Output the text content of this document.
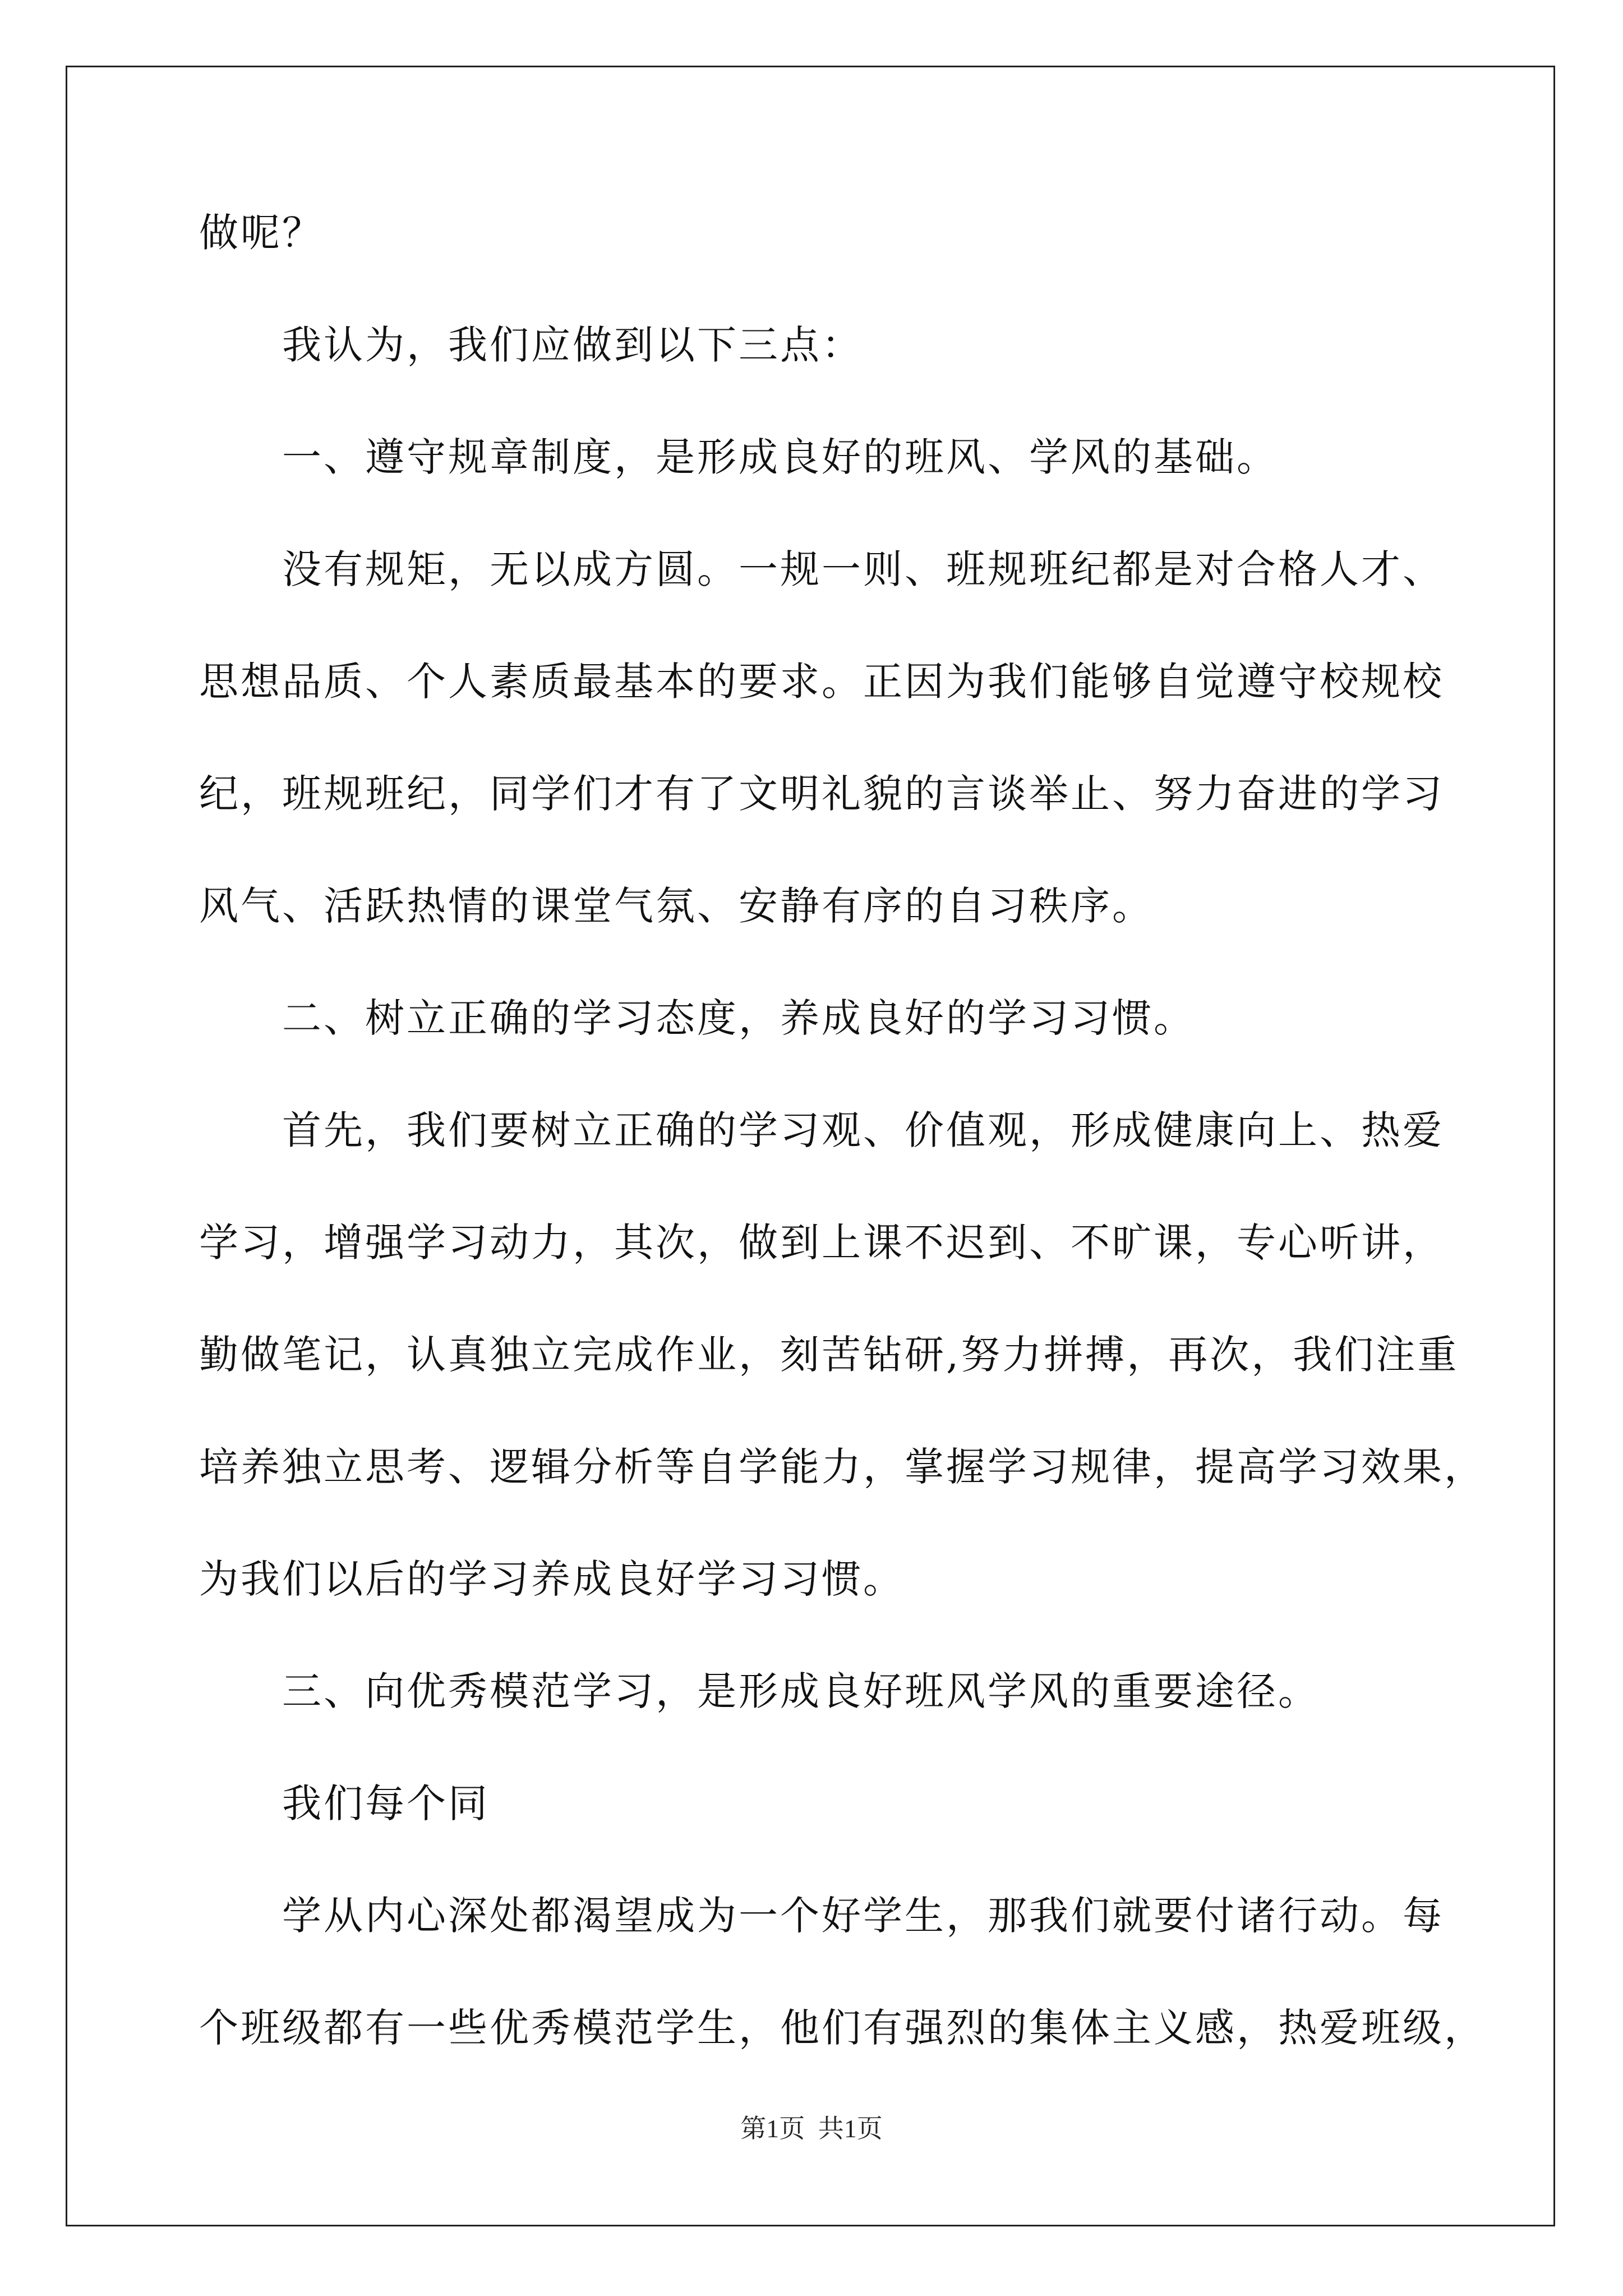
做呢？
我认为，我们应做到以下三点：
一、遵守规章制度，是形成良好的班风、学风的基础。
没有规矩，无以成方圆。一规一则、班规班纪都是对合格人才、
思想品质、个人素质最基本的要求。正因为我们能够自觉遵守校规校
纪，班规班纪，同学们才有了文明礼貌的言谈举止、努力奋进的学习
风气、活跃热情的课堂气氛、安静有序的自习秩序。
二、树立正确的学习态度，养成良好的学习习惯。
首先，我们要树立正确的学习观、价值观，形成健康向上、热爱
学习，增强学习动力，其次，做到上课不迟到、不旷课，专心听讲，
勤做笔记，认真独立完成作业，刻苦钻研,努力拼搏，再次，我们注重
培养独立思考、逻辑分析等自学能力，掌握学习规律，提高学习效果，
为我们以后的学习养成良好学习习惯。
三、向优秀模范学习，是形成良好班风学风的重要途径。
我们每个同
学从内心深处都渴望成为一个好学生，那我们就要付诸行动。每
个班级都有一些优秀模范学生，他们有强烈的集体主义感，热爱班级，
第1页 共1页
